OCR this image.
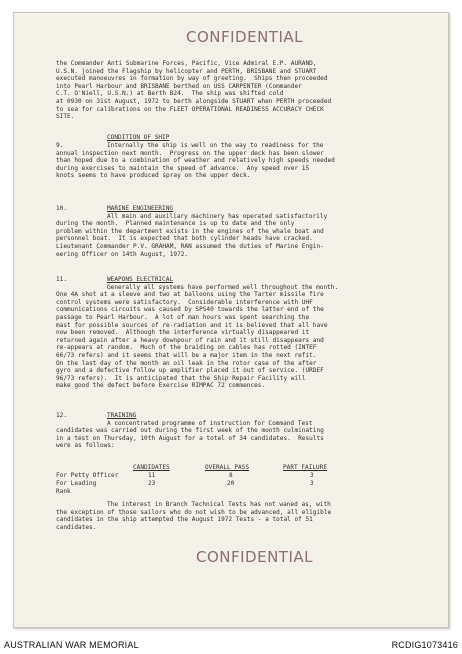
CONFIDENTIAL
the Commander Anti Submarine Forces, Pacific, Vice Admiral E.P. AURAND,
U.S.N. joined the Flagship by helicopter and PERTH, BRISBANE and STUART
executed manoeuvres in formation by way of greeting.  Ships then proceeded
into Pearl Harbour and BRISBANE berthed on USS CARPENTER (Commander
C.T. O'Niell, U.S.N.) at Berth B24.  The ship was shifted cold
at 0930 on 31st August, 1972 to berth alongside STUART when PERTH proceeded
to sea for calibrations on the FLEET OPERATIONAL READINESS ACCURACY CHECK
SITE.
CONDITION OF SHIP
9.	Internally the ship is well on the way to readiness for the
annual inspection next month.  Progress on the upper deck has been slower
than hoped due to a combination of weather and relatively high speeds needed
during exercises to maintain the speed of advance.  Any speed over 15
knots seems to have produced spray on the upper deck.
10.	MARINE ENGINEERING
All main and auxiliary machinery has operated satisfactorily
during the month.  Planned maintenance is up to date and the only
problem within the department exists in the engines of the whale boat and
personnel boat.  It is expected that both cylinder heads have cracked.
Lieutenant Commander P.V. GRAHAM, RAN assumed the duties of Marine Engin-
eering Officer on 14th August, 1972.
11.	WEAPONS ELECTRICAL
Generally all systems have performed well throughout the month.
One 4A shot at a sleeve and two at balloons using the Tarter missile fire
control systems were satisfactory.  Considerable interference with UHF
communications circuits was caused by SPS40 towards the latter end of the
passage to Pearl Harbour.  A lot of man hours was spent searching the
mast for possible sources of re-radiation and it is believed that all have
now been removed.  Although the interference virtually disappeared it
returned again after a heavy downpour of rain and it still disappears and
re-appears at random.  Much of the braiding on cables has rotted (INTEF
66/73 refers) and it seems that will be a major item in the next refit.
On the last day of the month an oil leak in the rotor case of the after
gyro and a defective follow up amplifier placed it out of service. (URDEF
96/73 refers).  It is anticipated that the Ship Repair Facility will
make good the defect before Exercise RIMPAC 72 commences.
12.	TRAINING
A concentrated programme of instruction for Command Test
candidates was carried out during the first week of the month culminating
in a test on Thursday, 10th August for a total of 34 candidates.  Results
were as follows:
CANDIDATES	OVERALL PASS	PART FAILURE
For Petty Officer	11	8	3
For Leading	23	20	3
Rank
The interest in Branch Technical Tests has not waned as, with
the exception of those sailors who do not wish to be advanced, all eligible
candidates in the ship attempted the August 1972 Tests - a total of 51
candidates.
CONFIDENTIAL
AUSTRALIAN WAR MEMORIAL	RCDIG1073416
